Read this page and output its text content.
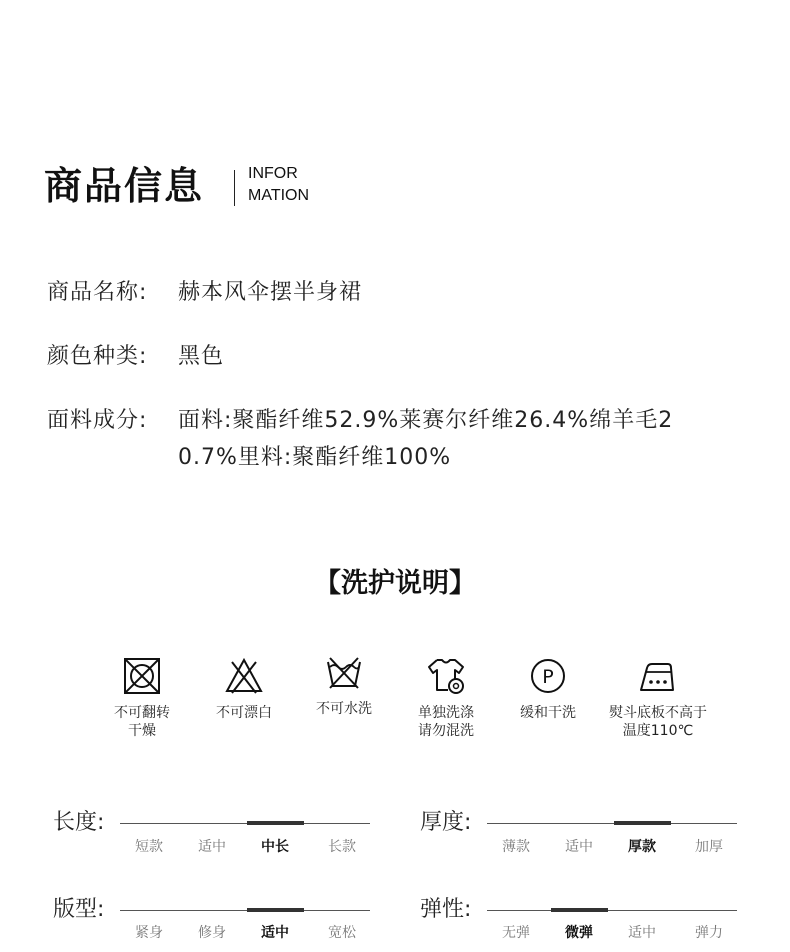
商品信息	INFOR
MATION
商品名称: 赫本风伞摆半身裙
颜色种类: 黑色
面料成分: 面料:聚酯纤维52.9%莱赛尔纤维26.4%绵羊毛2
0.7%里料:聚酯纤维100%
【洗护说明】
不可翻转
干燥
不可漂白	不可水洗	单独洗涤
请勿混洗
P
缓和干洗	熨斗底板不高于
温度110℃
长度:
短款	适中	中长	长款
厚度:
薄款	适中	厚款	加厚
版型:
紧身	修身	适中	宽松
弹性:
无弹	微弹	适中	弹力
